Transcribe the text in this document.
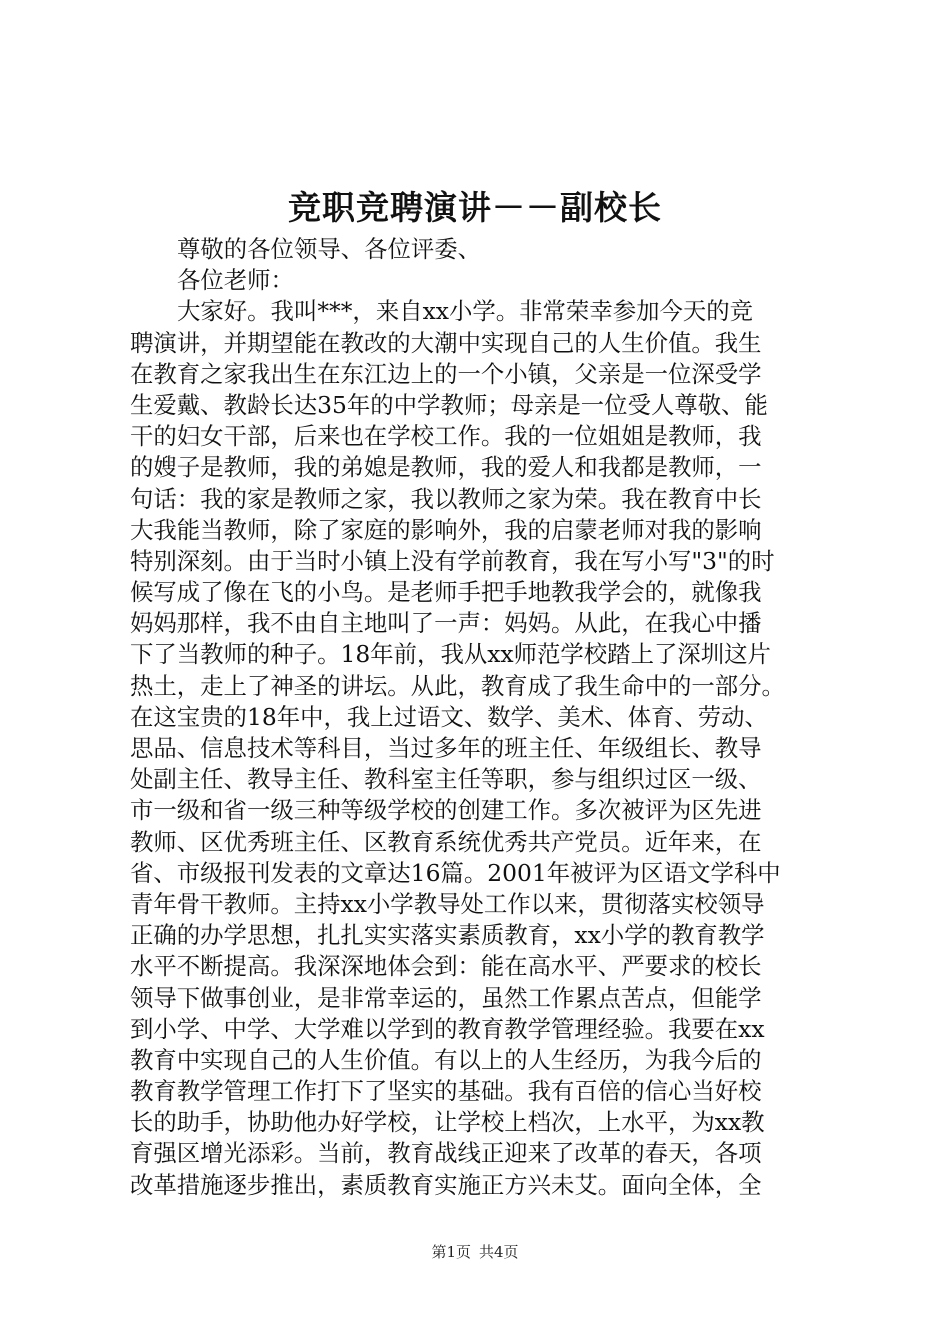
竞职竞聘演讲－－副校长
尊敬的各位领导、各位评委、
各位老师：
大家好。我叫***，来自xx小学。非常荣幸参加今天的竞
聘演讲，并期望能在教改的大潮中实现自己的人生价值。我生
在教育之家我出生在东江边上的一个小镇，父亲是一位深受学
生爱戴、教龄长达35年的中学教师；母亲是一位受人尊敬、能
干的妇女干部，后来也在学校工作。我的一位姐姐是教师，我
的嫂子是教师，我的弟媳是教师，我的爱人和我都是教师，一
句话：我的家是教师之家，我以教师之家为荣。我在教育中长
大我能当教师，除了家庭的影响外，我的启蒙老师对我的影响
特别深刻。由于当时小镇上没有学前教育，我在写小写"3"的时
候写成了像在飞的小鸟。是老师手把手地教我学会的，就像我
妈妈那样，我不由自主地叫了一声：妈妈。从此，在我心中播
下了当教师的种子。18年前，我从xx师范学校踏上了深圳这片
热土，走上了神圣的讲坛。从此，教育成了我生命中的一部分。
在这宝贵的18年中，我上过语文、数学、美术、体育、劳动、
思品、信息技术等科目，当过多年的班主任、年级组长、教导
处副主任、教导主任、教科室主任等职，参与组织过区一级、
市一级和省一级三种等级学校的创建工作。多次被评为区先进
教师、区优秀班主任、区教育系统优秀共产党员。近年来，在
省、市级报刊发表的文章达16篇。2001年被评为区语文学科中
青年骨干教师。主持xx小学教导处工作以来，贯彻落实校领导
正确的办学思想，扎扎实实落实素质教育，xx小学的教育教学
水平不断提高。我深深地体会到：能在高水平、严要求的校长
领导下做事创业，是非常幸运的，虽然工作累点苦点，但能学
到小学、中学、大学难以学到的教育教学管理经验。我要在xx
教育中实现自己的人生价值。有以上的人生经历，为我今后的
教育教学管理工作打下了坚实的基础。我有百倍的信心当好校
长的助手，协助他办好学校，让学校上档次，上水平，为xx教
育强区增光添彩。当前，教育战线正迎来了改革的春天，各项
改革措施逐步推出，素质教育实施正方兴未艾。面向全体，全
第1页 共4页
